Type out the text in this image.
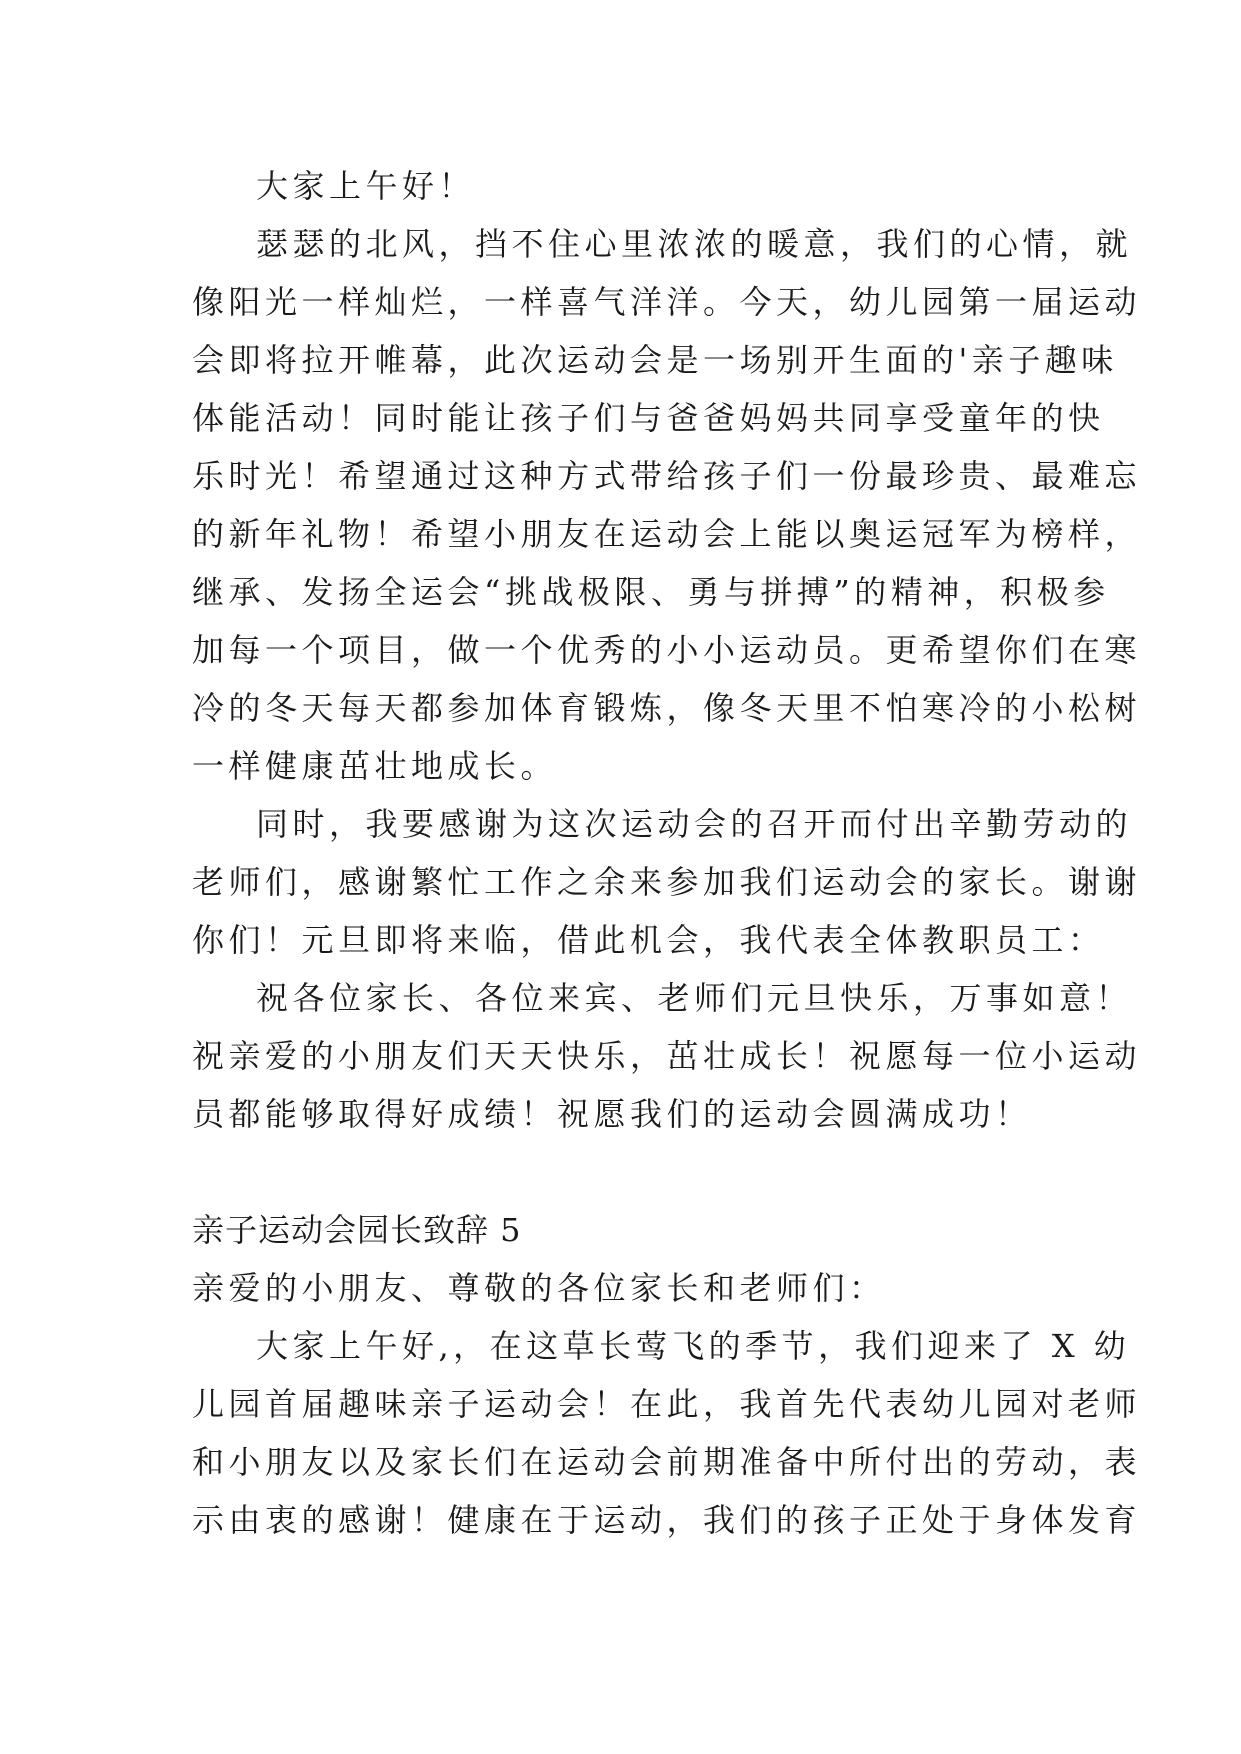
大家上午好！
瑟瑟的北风，挡不住心里浓浓的暖意，我们的心情，就
像阳光一样灿烂，一样喜气洋洋。今天，幼儿园第一届运动
会即将拉开帷幕，此次运动会是一场别开生面的'亲子趣味
体能活动！同时能让孩子们与爸爸妈妈共同享受童年的快
乐时光！希望通过这种方式带给孩子们一份最珍贵、最难忘
的新年礼物！希望小朋友在运动会上能以奥运冠军为榜样，
继承、发扬全运会“挑战极限、勇与拼搏”的精神，积极参
加每一个项目，做一个优秀的小小运动员。更希望你们在寒
冷的冬天每天都参加体育锻炼，像冬天里不怕寒冷的小松树
一样健康茁壮地成长。
同时，我要感谢为这次运动会的召开而付出辛勤劳动的
老师们，感谢繁忙工作之余来参加我们运动会的家长。谢谢
你们！元旦即将来临，借此机会，我代表全体教职员工：
祝各位家长、各位来宾、老师们元旦快乐，万事如意！
祝亲爱的小朋友们天天快乐，茁壮成长！祝愿每一位小运动
员都能够取得好成绩！祝愿我们的运动会圆满成功！
亲子运动会园长致辞 5
亲爱的小朋友、尊敬的各位家长和老师们：
大家上午好,，在这草长莺飞的季节，我们迎来了 X 幼
儿园首届趣味亲子运动会！在此，我首先代表幼儿园对老师
和小朋友以及家长们在运动会前期准备中所付出的劳动，表
示由衷的感谢！健康在于运动，我们的孩子正处于身体发育
